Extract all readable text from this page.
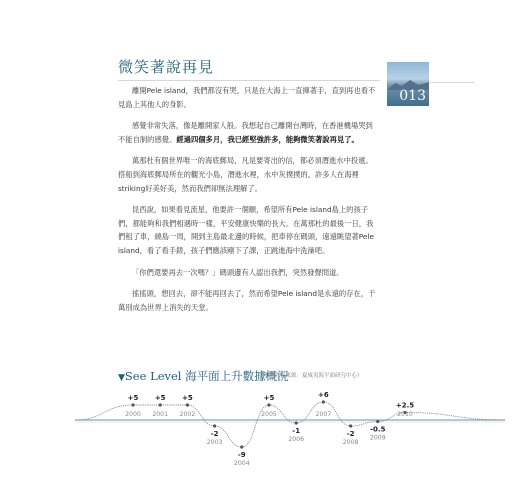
微笑著說再見
013

離開Pele island，我們都沒有哭，只是在大海上一直揮著手，直到再也看不見島上其他人的身影。

感覺非常失落，像是離開家人般。我想起自己離開台灣時，在香港機場哭到不能自制的感覺。經過四個多月，我已經堅強許多，能夠微笑著說再見了。

萬那杜有個世界唯一的海底郵局，凡是要寄出的信，都必須潛進水中投遞。搭船到海底郵局所在的觀光小島，潛進水裡，水中灰撲撲的，許多人在海裡striking好美好美，然而我們卻無法理解了。

昆西說，如果看見流星，他要許一個願，希望所有Pele island島上的孩子們，都能夠和我們相遇時一樣，平安健康快樂的長大。在萬那杜的最後一日，我們租了車，繞島一周，開到主島最北邊的時候，把車停在碼頭，遠遠眺望著Pele island，看了看手錶，孩子們應該剛下了課，正跳進海中洗澡吧。

「你們還要再去一次嗎？」碼頭邊有人認出我們，突然發聲問道。

搖搖頭，想回去，卻不能再回去了，然而希望Pele island是永遠的存在，千萬別成為世界上消失的天堂。

▼See Level 海平面上升數據概況
（參考資料來源：夏威夷海平面研究中心）
+5
2000
+5
2001
+5
2002
-2
2003
-9
2004
+5
2005
-1
2006
+6
2007
-2
2008
-0.5
2009
+2.5
2010
